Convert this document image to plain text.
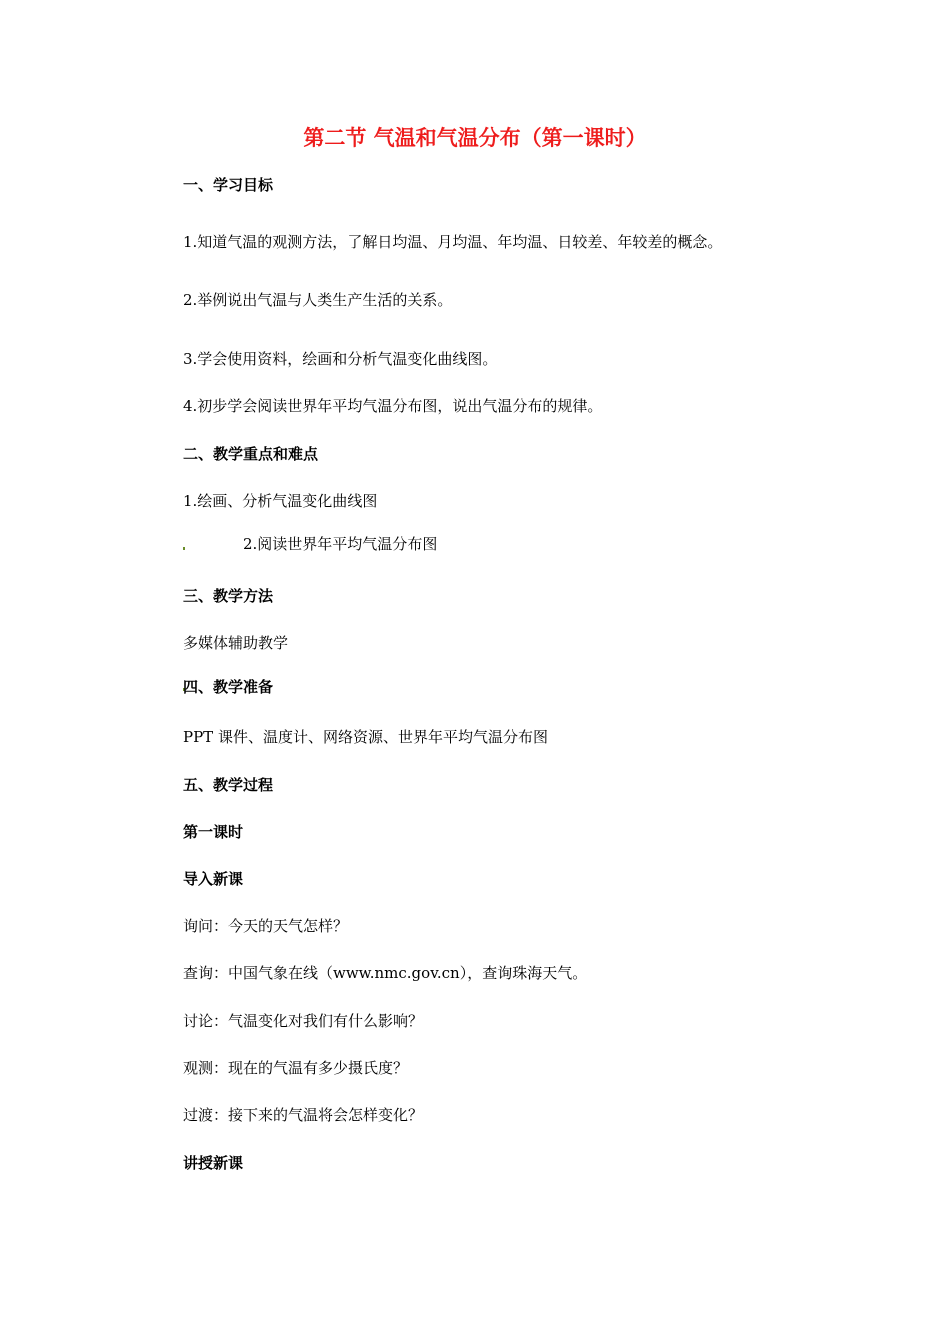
第二节 气温和气温分布（第一课时）
一、学习目标
1.知道气温的观测方法，了解日均温、月均温、年均温、日较差、年较差的概念。
2.举例说出气温与人类生产生活的关系。
3.学会使用资料，绘画和分析气温变化曲线图。
4.初步学会阅读世界年平均气温分布图，说出气温分布的规律。
二、教学重点和难点
1.绘画、分析气温变化曲线图
2.阅读世界年平均气温分布图
三、教学方法
多媒体辅助教学
四、教学准备
PPT 课件、温度计、网络资源、世界年平均气温分布图
五、教学过程
第一课时
导入新课
询问：今天的天气怎样？
查询：中国气象在线（www.nmc.gov.cn），查询珠海天气。
讨论：气温变化对我们有什么影响？
观测：现在的气温有多少摄氏度？
过渡：接下来的气温将会怎样变化？
讲授新课
